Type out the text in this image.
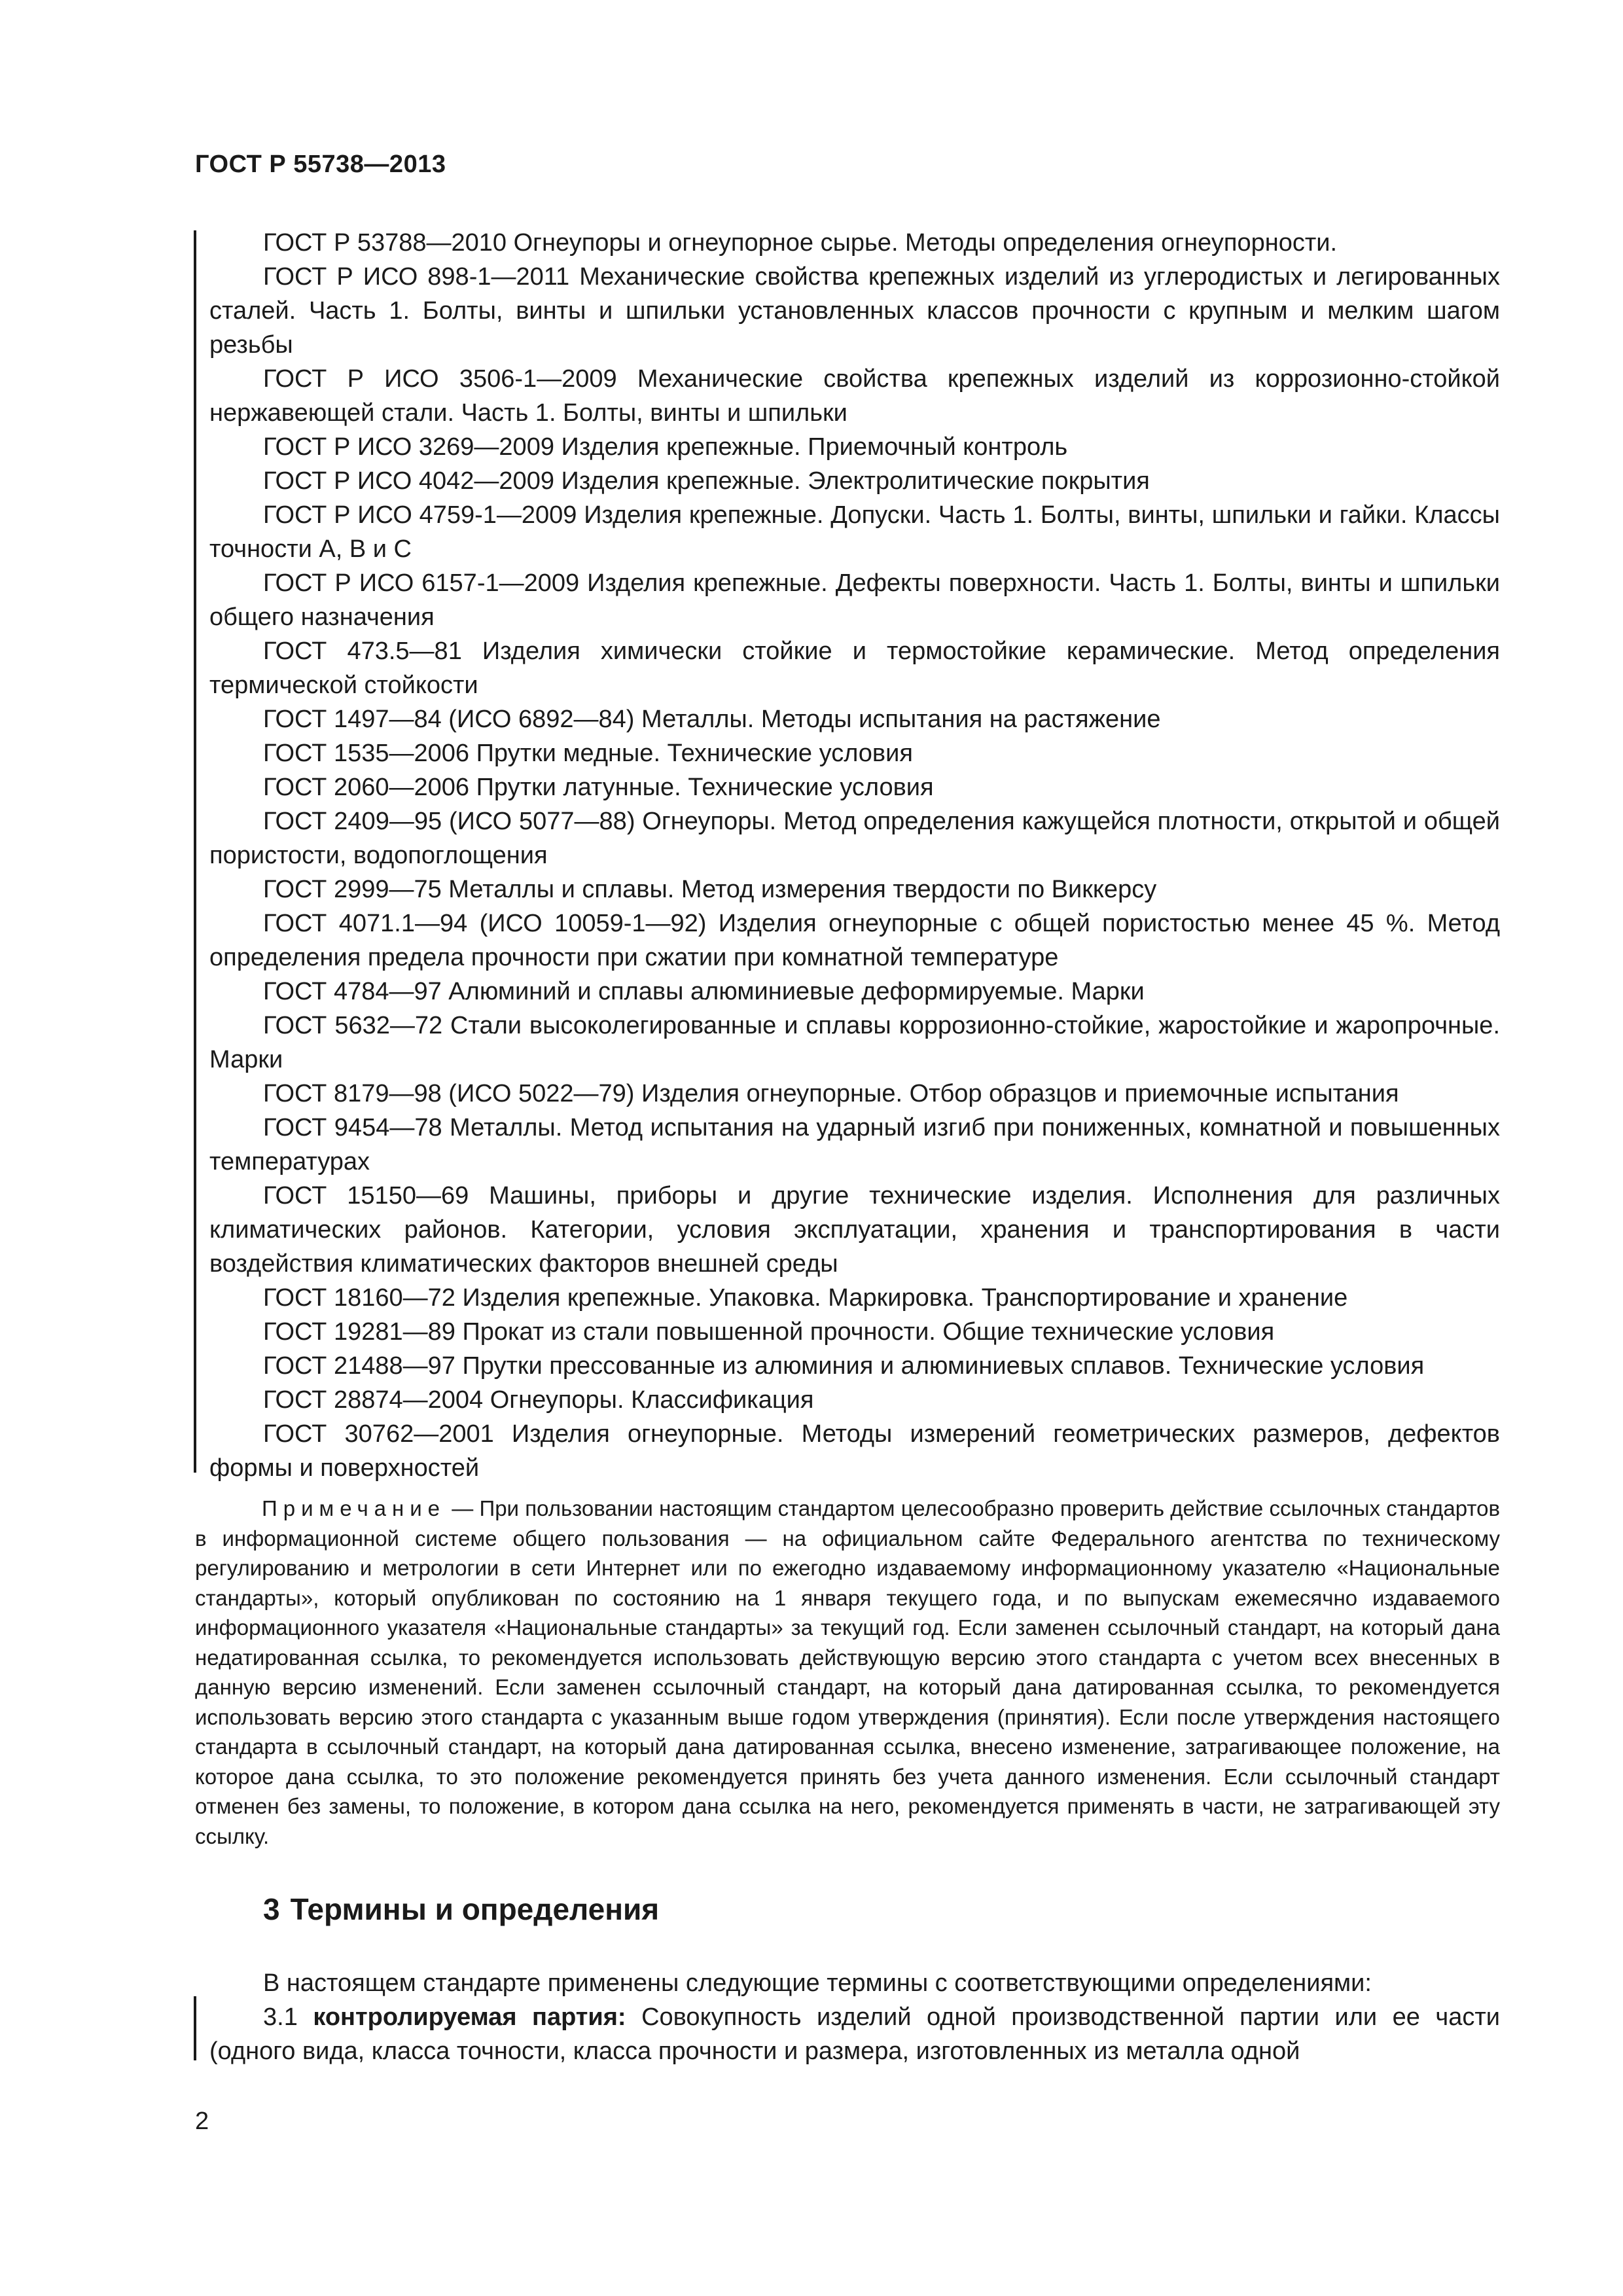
ГОСТ Р 55738—2013

ГОСТ Р 53788—2010 Огнеупоры и огнеупорное сырье. Методы определения огнеупорности.

ГОСТ Р ИСО 898-1—2011 Механические свойства крепежных изделий из углеродистых и легированных сталей. Часть 1. Болты, винты и шпильки установленных классов прочности с крупным и мелким шагом резьбы

ГОСТ Р ИСО 3506-1—2009 Механические свойства крепежных изделий из коррозионно-стойкой нержавеющей стали. Часть 1. Болты, винты и шпильки

ГОСТ Р ИСО 3269—2009 Изделия крепежные. Приемочный контроль

ГОСТ Р ИСО 4042—2009 Изделия крепежные. Электролитические покрытия

ГОСТ Р ИСО 4759-1—2009 Изделия крепежные. Допуски. Часть 1. Болты, винты, шпильки и гайки. Классы точности А, В и С

ГОСТ Р ИСО 6157-1—2009 Изделия крепежные. Дефекты поверхности. Часть 1. Болты, винты и шпильки общего назначения

ГОСТ 473.5—81 Изделия химически стойкие и термостойкие керамические. Метод определения термической стойкости

ГОСТ 1497—84 (ИСО 6892—84) Металлы. Методы испытания на растяжение

ГОСТ 1535—2006 Прутки медные. Технические условия

ГОСТ 2060—2006 Прутки латунные. Технические условия

ГОСТ 2409—95 (ИСО 5077—88) Огнеупоры. Метод определения кажущейся плотности, открытой и общей пористости, водопоглощения

ГОСТ 2999—75 Металлы и сплавы. Метод измерения твердости по Виккерсу

ГОСТ 4071.1—94 (ИСО 10059-1—92) Изделия огнеупорные с общей пористостью менее 45 %. Метод определения предела прочности при сжатии при комнатной температуре

ГОСТ 4784—97 Алюминий и сплавы алюминиевые деформируемые. Марки

ГОСТ 5632—72 Стали высоколегированные и сплавы коррозионно-стойкие, жаростойкие и жаропрочные. Марки

ГОСТ 8179—98 (ИСО 5022—79) Изделия огнеупорные. Отбор образцов и приемочные испытания

ГОСТ 9454—78 Металлы. Метод испытания на ударный изгиб при пониженных, комнатной и повышенных температурах

ГОСТ 15150—69 Машины, приборы и другие технические изделия. Исполнения для различных климатических районов. Категории, условия эксплуатации, хранения и транспортирования в части воздействия климатических факторов внешней среды

ГОСТ 18160—72 Изделия крепежные. Упаковка. Маркировка. Транспортирование и хранение

ГОСТ 19281—89 Прокат из стали повышенной прочности. Общие технические условия

ГОСТ 21488—97 Прутки прессованные из алюминия и алюминиевых сплавов. Технические условия

ГОСТ 28874—2004 Огнеупоры. Классификация

ГОСТ 30762—2001 Изделия огнеупорные. Методы измерений геометрических размеров, дефектов формы и поверхностей

Примечание — При пользовании настоящим стандартом целесообразно проверить действие ссылочных стандартов в информационной системе общего пользования — на официальном сайте Федерального агентства по техническому регулированию и метрологии в сети Интернет или по ежегодно издаваемому информационному указателю «Национальные стандарты», который опубликован по состоянию на 1 января текущего года, и по выпускам ежемесячно издаваемого информационного указателя «Национальные стандарты» за текущий год. Если заменен ссылочный стандарт, на который дана недатированная ссылка, то рекомендуется использовать действующую версию этого стандарта с учетом всех внесенных в данную версию изменений. Если заменен ссылочный стандарт, на который дана датированная ссылка, то рекомендуется использовать версию этого стандарта с указанным выше годом утверждения (принятия). Если после утверждения настоящего стандарта в ссылочный стандарт, на который дана датированная ссылка, внесено изменение, затрагивающее положение, на которое дана ссылка, то это положение рекомендуется принять без учета данного изменения. Если ссылочный стандарт отменен без замены, то положение, в котором дана ссылка на него, рекомендуется применять в части, не затрагивающей эту ссылку.
3 Термины и определения

В настоящем стандарте применены следующие термины с соответствующими определениями:

3.1 контролируемая партия: Совокупность изделий одной производственной партии или ее части (одного вида, класса точности, класса прочности и размера, изготовленных из металла одной

2
